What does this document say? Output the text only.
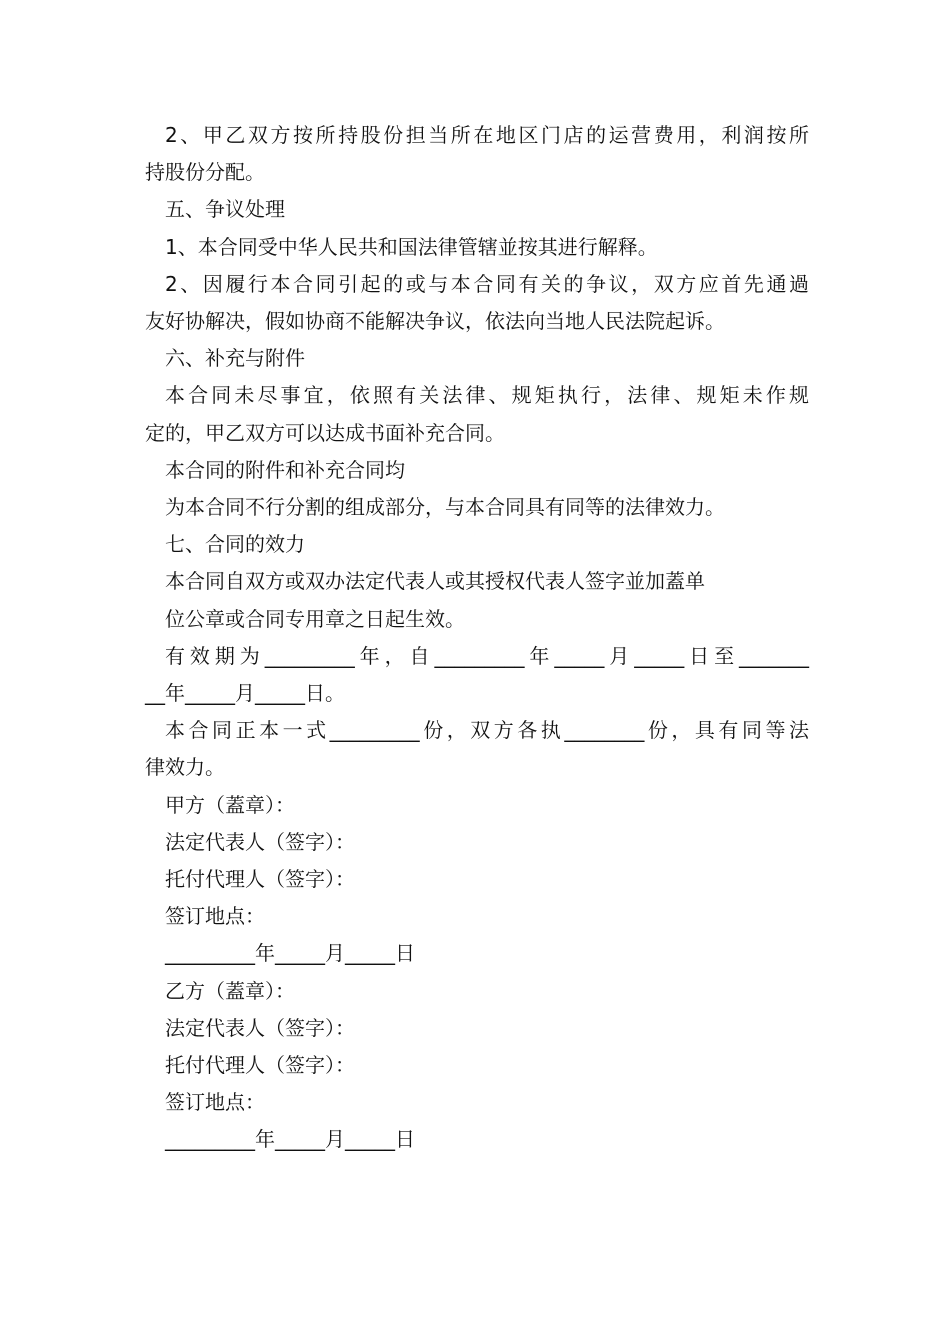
2、甲乙双方按所持股份担当所在地区门店的运营费用，利润按所

持股份分配。

五、争议处理

1、本合同受中华人民共和国法律管辖並按其进行解释。

2、因履行本合同引起的或与本合同有关的争议，双方应首先通過

友好协解决，假如协商不能解决争议，依法向当地人民法院起诉。

六、补充与附件

本合同未尽事宜，依照有关法律、规矩执行，法律、规矩未作规

定的，甲乙双方可以达成书面补充合同。

本合同的附件和补充合同均

为本合同不行分割的组成部分，与本合同具有同等的法律效力。

七、合同的效力

本合同自双方或双办法定代表人或其授权代表人签字並加蓋单

位公章或合同专用章之日起生效。

有效期为_________年，自_________年_____月_____日至_______

__年_____月_____日。

本合同正本一式_________份，双方各执________份，具有同等法

律效力。

甲方（蓋章）：

法定代表人（签字）：

托付代理人（签字）：

签订地点：

_________年_____月_____日

乙方（蓋章）：

法定代表人（签字）：

托付代理人（签字）：

签订地点：

_________年_____月_____日
